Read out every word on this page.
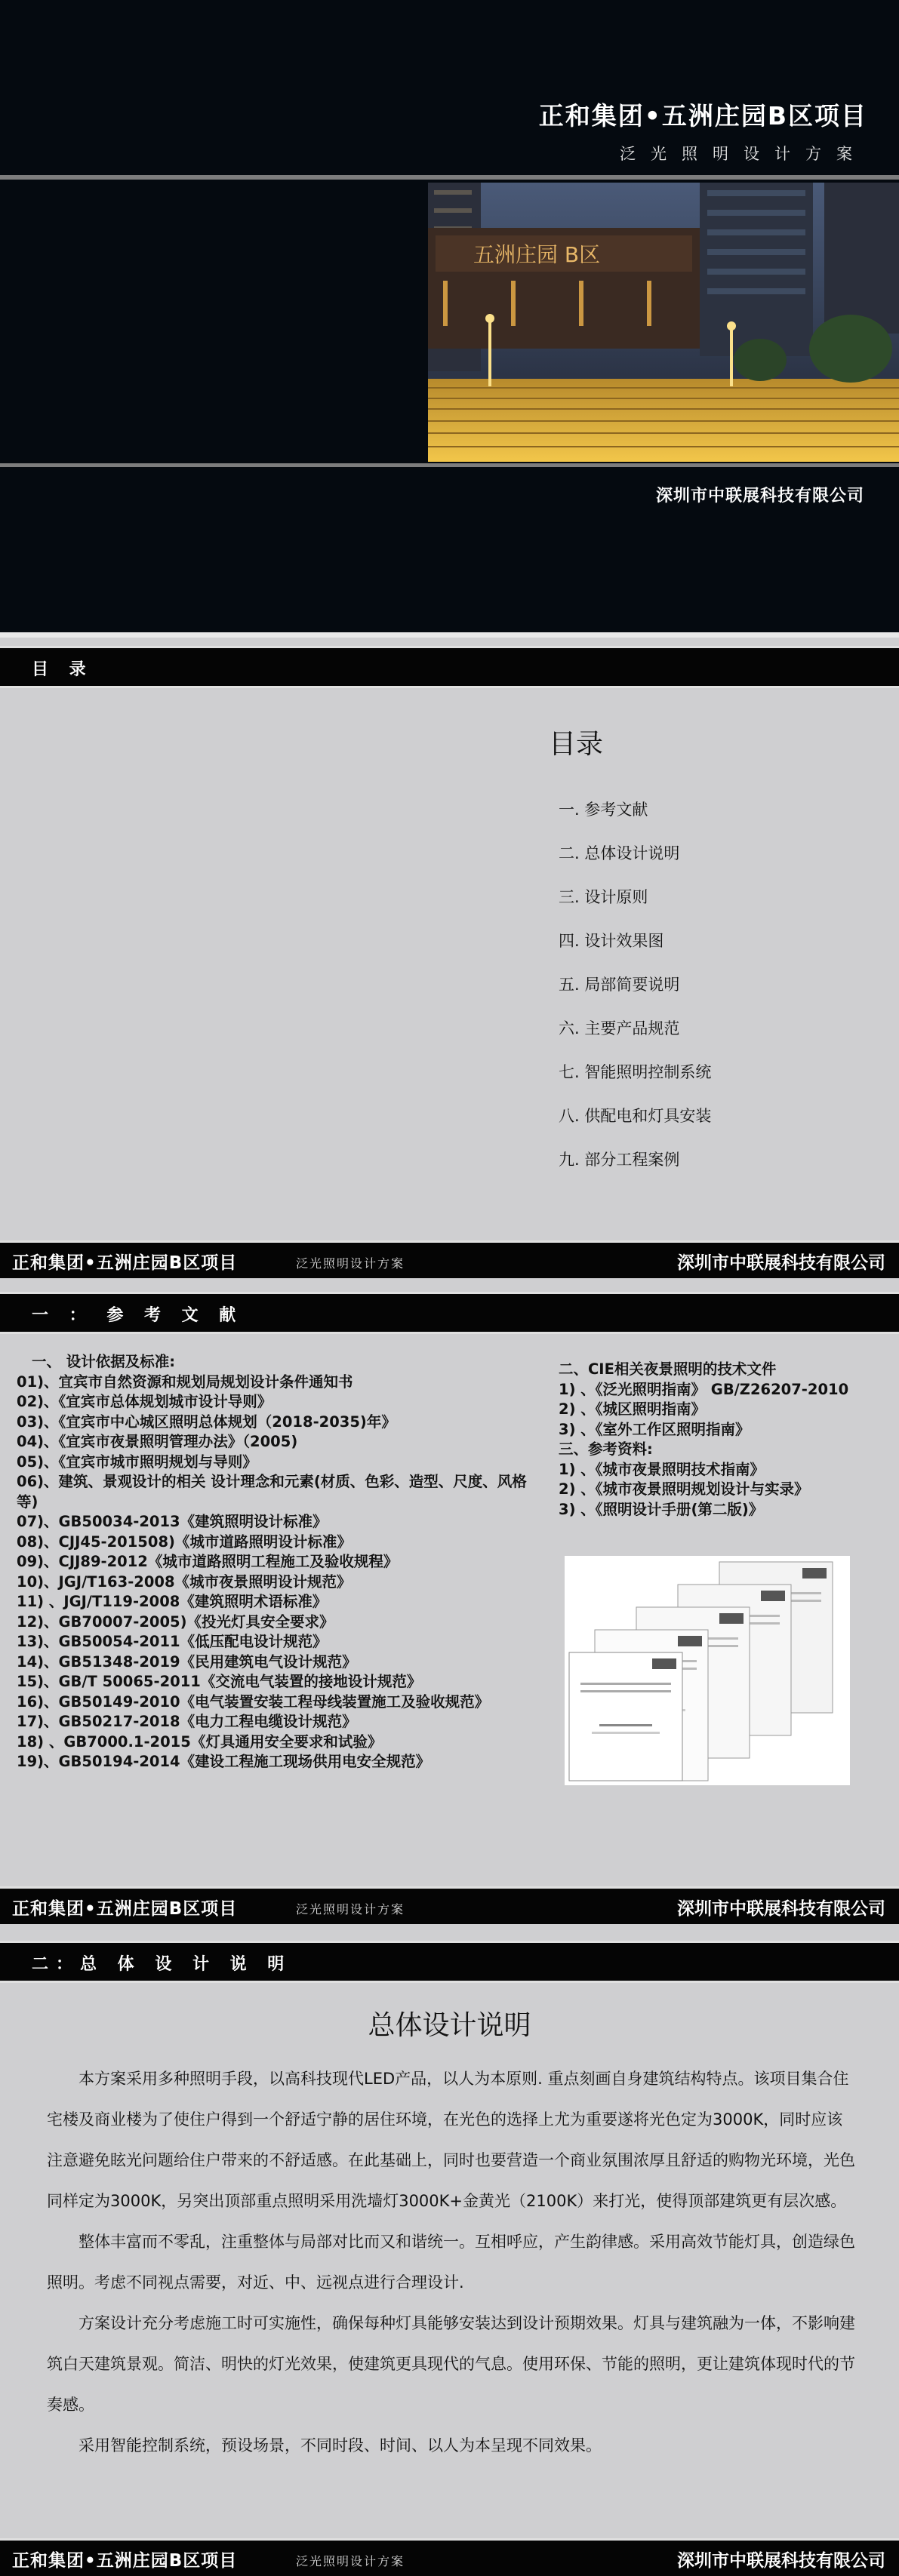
正和集团•五洲庄园B区项目
泛光照明设计方案
五洲庄园 B区
深圳市中联展科技有限公司
目 录
目录
一. 参考文献
二. 总体设计说明
三. 设计原则
四. 设计效果图
五. 局部简要说明
六. 主要产品规范
七. 智能照明控制系统
八. 供配电和灯具安装
九. 部分工程案例
正和集团•五洲庄园B区项目	泛光照明设计方案	深圳市中联展科技有限公司
一 ： 参 考 文 献

一、 设计依据及标准:

01)、宜宾市自然资源和规划局规划设计条件通知书

02)、《宜宾市总体规划城市设计导则》

03)、《宜宾市中心城区照明总体规划（2018-2035)年》

04)、《宜宾市夜景照明管理办法》（2005)

05)、《宜宾市城市照明规划与导则》

06)、建筑、景观设计的相关 设计理念和元素(材质、色彩、造型、尺度、风格等)

07)、GB50034-2013《建筑照明设计标准》

08)、CJJ45-201508)《城市道路照明设计标准》

09)、CJJ89-2012《城市道路照明工程施工及验收规程》

10)、JGJ/T163-2008《城市夜景照明设计规范》

11) 、JGJ/T119-2008《建筑照明术语标准》

12)、GB70007-2005)《投光灯具安全要求》

13)、GB50054-2011《低压配电设计规范》

14)、GB51348-2019《民用建筑电气设计规范》

15)、GB/T 50065-2011《交流电气装置的接地设计规范》

16)、GB50149-2010《电气装置安装工程母线装置施工及验收规范》

17)、GB50217-2018《电力工程电缆设计规范》

18) 、GB7000.1-2015《灯具通用安全要求和试验》

19)、GB50194-2014《建设工程施工现场供用电安全规范》

二、CIE相关夜景照明的技术文件

1) 、《泛光照明指南》 GB/Z26207-2010

2) 、《城区照明指南》

3) 、《室外工作区照明指南》

三、参考资料:

1) 、《城市夜景照明技术指南》

2) 、《城市夜景照明规划设计与实录》

3) 、《照明设计手册(第二版)》

正和集团•五洲庄园B区项目	泛光照明设计方案	深圳市中联展科技有限公司
二：总 体 设 计 说 明
总体设计说明

本方案采用多种照明手段，以高科技现代LED产品，以人为本原则. 重点刻画自身建筑结构特点。该项目集合住宅楼及商业楼为了使住户得到一个舒适宁静的居住环境，在光色的选择上尤为重要遂将光色定为3000K，同时应该注意避免眩光问题给住户带来的不舒适感。在此基础上，同时也要营造一个商业氛围浓厚且舒适的购物光环境，光色同样定为3000K，另突出顶部重点照明采用洗墙灯3000K+金黄光（2100K）来打光，使得顶部建筑更有层次感。

整体丰富而不零乱，注重整体与局部对比而又和谐统一。互相呼应，产生韵律感。采用高效节能灯具，创造绿色照明。考虑不同视点需要，对近、中、远视点进行合理设计.

方案设计充分考虑施工时可实施性，确保每种灯具能够安装达到设计预期效果。灯具与建筑融为一体，不影响建筑白天建筑景观。简洁、明快的灯光效果，使建筑更具现代的气息。使用环保、节能的照明，更让建筑体现时代的节奏感。

采用智能控制系统，预设场景，不同时段、时间、以人为本呈现不同效果。

正和集团•五洲庄园B区项目	泛光照明设计方案	深圳市中联展科技有限公司
